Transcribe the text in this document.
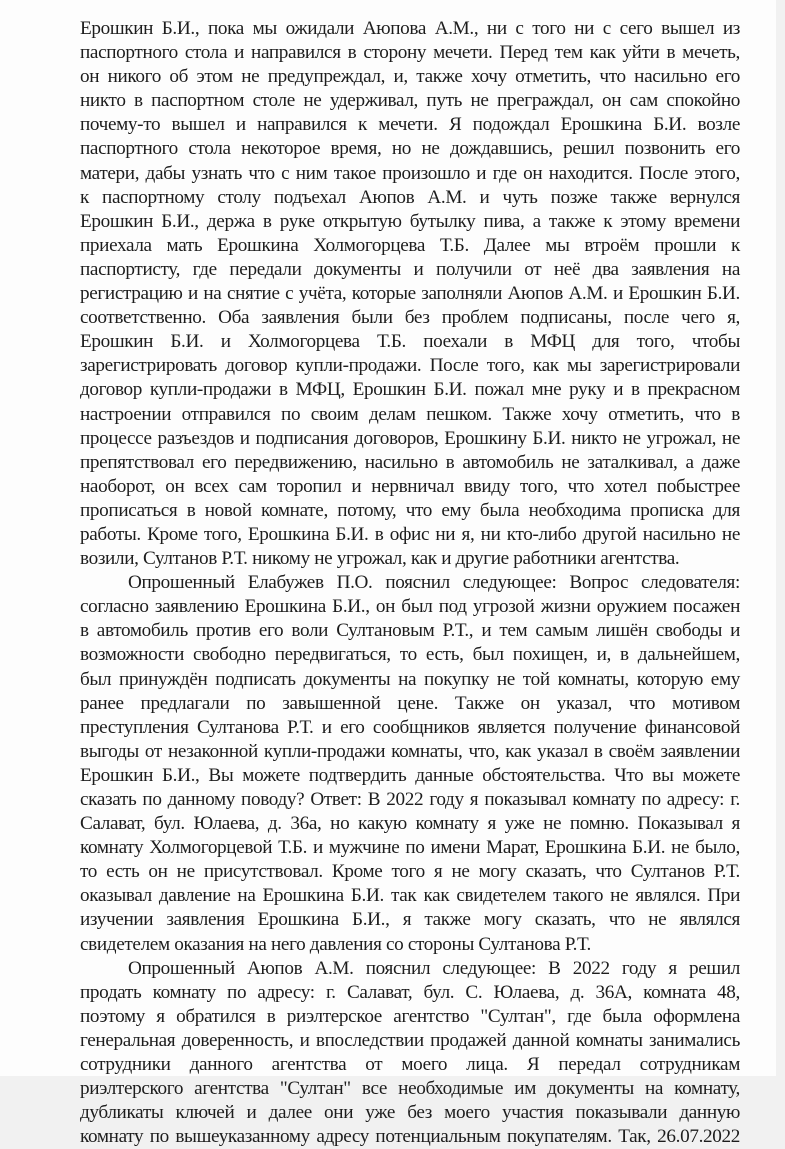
Ерошкин Б.И., пока мы ожидали Аюпова А.М., ни с того ни с сего вышел из
паспортного стола и направился в сторону мечети. Перед тем как уйти в мечеть,
он никого об этом не предупреждал, и, также хочу отметить, что насильно его
никто в паспортном столе не удерживал, путь не преграждал, он сам спокойно
почему-то вышел и направился к мечети. Я подождал Ерошкина Б.И. возле
паспортного стола некоторое время, но не дождавшись, решил позвонить его
матери, дабы узнать что с ним такое произошло и где он находится. После этого,
к паспортному столу подъехал Аюпов А.М. и чуть позже также вернулся
Ерошкин Б.И., держа в руке открытую бутылку пива, а также к этому времени
приехала мать Ерошкина Холмогорцева Т.Б. Далее мы втроём прошли к
паспортисту, где передали документы и получили от неё два заявления на
регистрацию и на снятие с учёта, которые заполняли Аюпов А.М. и Ерошкин Б.И.
соответственно. Оба заявления были без проблем подписаны, после чего я,
Ерошкин Б.И. и Холмогорцева Т.Б. поехали в МФЦ для того, чтобы
зарегистрировать договор купли-продажи. После того, как мы зарегистрировали
договор купли-продажи в МФЦ, Ерошкин Б.И. пожал мне руку и в прекрасном
настроении отправился по своим делам пешком. Также хочу отметить, что в
процессе разъездов и подписания договоров, Ерошкину Б.И. никто не угрожал, не
препятствовал его передвижению, насильно в автомобиль не заталкивал, а даже
наоборот, он всех сам торопил и нервничал ввиду того, что хотел побыстрее
прописаться в новой комнате, потому, что ему была необходима прописка для
работы. Кроме того, Ерошкина Б.И. в офис ни я, ни кто-либо другой насильно не
возили, Султанов Р.Т. никому не угрожал, как и другие работники агентства.
Опрошенный Елабужев П.О. пояснил следующее: Вопрос следователя:
согласно заявлению Ерошкина Б.И., он был под угрозой жизни оружием посажен
в автомобиль против его воли Султановым Р.Т., и тем самым лишён свободы и
возможности свободно передвигаться, то есть, был похищен, и, в дальнейшем,
был принуждён подписать документы на покупку не той комнаты, которую ему
ранее предлагали по завышенной цене. Также он указал, что мотивом
преступления Султанова Р.Т. и его сообщников является получение финансовой
выгоды от незаконной купли-продажи комнаты, что, как указал в своём заявлении
Ерошкин Б.И., Вы можете подтвердить данные обстоятельства. Что вы можете
сказать по данному поводу? Ответ: В 2022 году я показывал комнату по адресу: г.
Салават, бул. Юлаева, д. 36а, но какую комнату я уже не помню. Показывал я
комнату Холмогорцевой Т.Б. и мужчине по имени Марат, Ерошкина Б.И. не было,
то есть он не присутствовал. Кроме того я не могу сказать, что Султанов Р.Т.
оказывал давление на Ерошкина Б.И. так как свидетелем такого не являлся. При
изучении заявления Ерошкина Б.И., я также могу сказать, что не являлся
свидетелем оказания на него давления со стороны Султанова Р.Т.
Опрошенный Аюпов А.М. пояснил следующее: В 2022 году я решил
продать комнату по адресу: г. Салават, бул. С. Юлаева, д. 36А, комната 48,
поэтому я обратился в риэлтерское агентство "Султан", где была оформлена
генеральная доверенность, и впоследствии продажей данной комнаты занимались
сотрудники данного агентства от моего лица. Я передал сотрудникам
риэлтерского агентства "Султан" все необходимые им документы на комнату,
дубликаты ключей и далее они уже без моего участия показывали данную
комнату по вышеуказанному адресу потенциальным покупателям. Так, 26.07.2022
